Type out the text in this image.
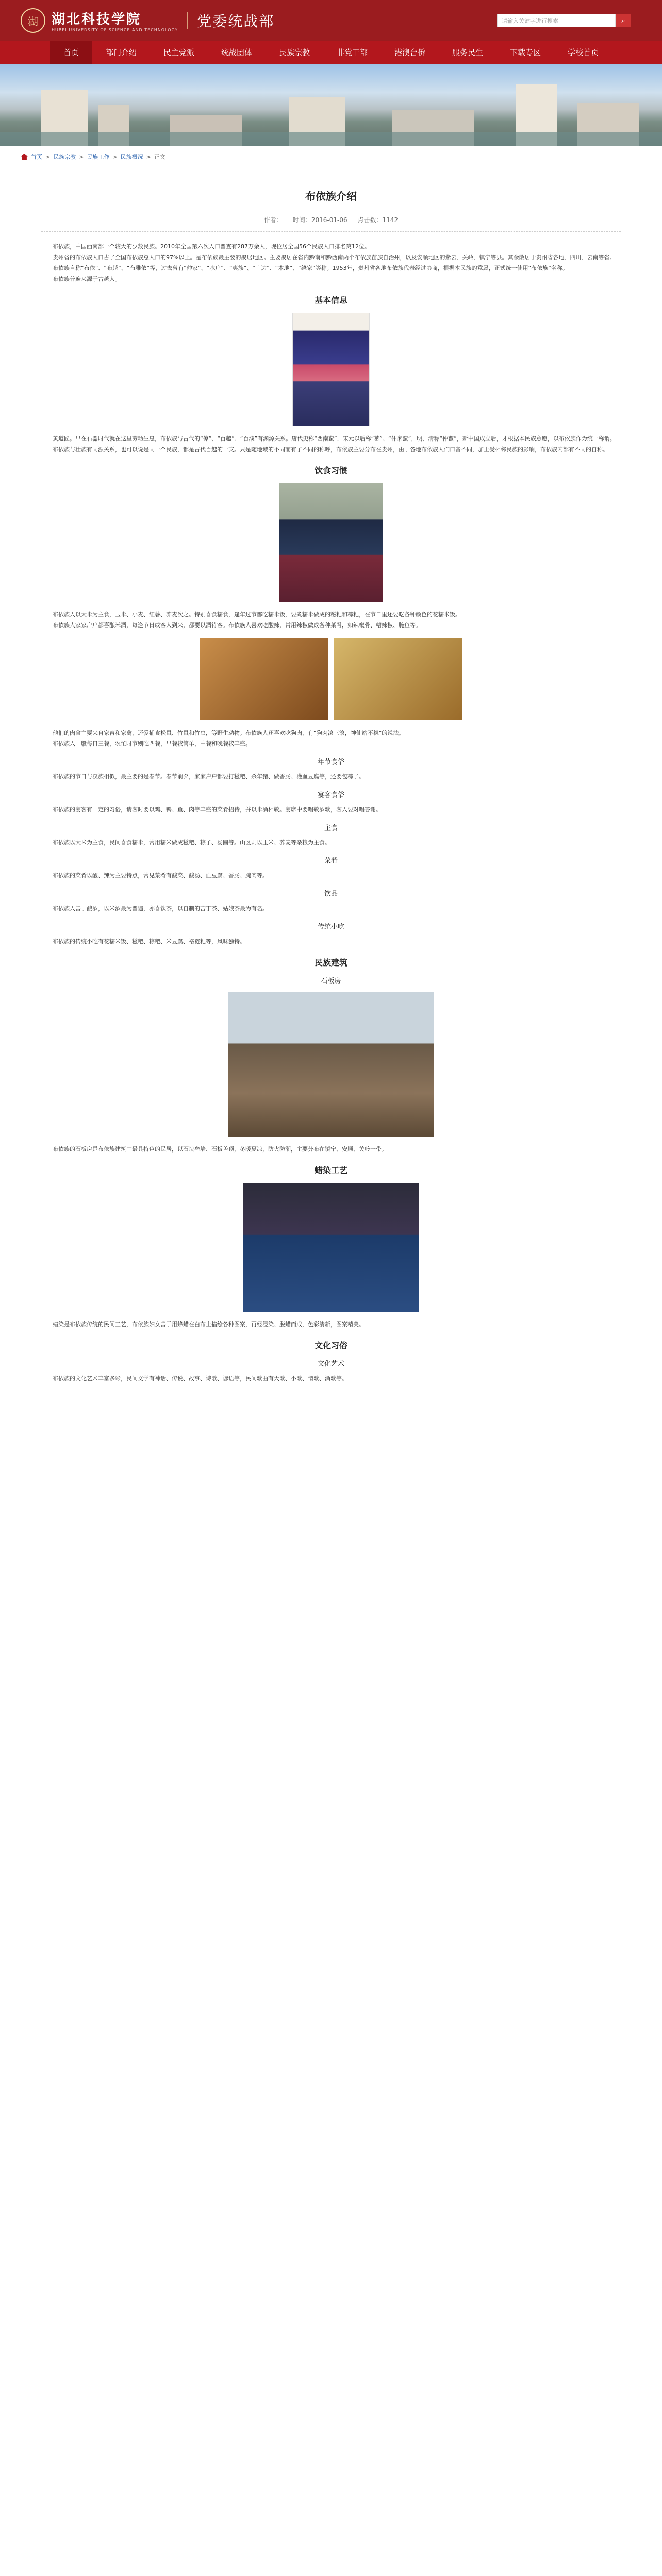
湖	湖北科技学院
HUBEI UNIVERSITY OF SCIENCE AND TECHNOLOGY
党委统战部	请输入关键字进行搜索	⌕
首页	部门介绍	民主党派	统战团体	民族宗教	非党干部	港澳台侨	服务民生	下载专区	学校首页
首页 > 民族宗教 > 民族工作 > 民族概况 > 正文
布依族介绍
作者： 时间：2016-01-06 点击数：1142

布依族，中国西南部一个较大的少数民族。2010年全国第六次人口普查有287万余人，现位居全国56个民族人口排名第12位。

贵州省的布依族人口占了全国布依族总人口的97%以上。是布依族最主要的聚居地区。主要聚居在省内黔南和黔西南两个布依族苗族自治州，以及安顺地区的紫云、关岭、镇宁等县。其余散居于贵州省各地、四川、云南等省。

布依族自称“布依”、“布越”、“布雅依”等，过去曾有“仲家”、“水户”、“夷族”、“土边”、“本地”、“绕家”等称。1953年，贵州省各地布依族代表经过协商，根据本民族的意愿，正式统一使用“布依族”名称。

布依族普遍来源于古越人。

基本信息

黄道匠。早在石器时代就在这里劳动生息，布依族与古代的“僚”、“百越”、“百濮”有渊源关系。唐代史称“西南蛮”，宋元以后称“蕃”、“仲家蛮”，明、清称“仲蛮”，新中国成立后，才根据本民族意愿，以布依族作为统一称谓。

布依族与壮族有同源关系，也可以说是同一个民族，都是古代百越的一支。只是随地域的不同而有了不同的称呼，布依族主要分布在贵州，由于各地布依族人们口音不同，加上受相邻民族的影响，布依族内部有不同的自称。

饮食习惯

布依族人以大米为主食，玉米、小麦、红薯、荞麦次之。特别喜食糯食，逢年过节都吃糯米饭，要煮糯米做成的糍粑和粽粑，在节日里还要吃各种颜色的花糯米饭。

布依族人家家户户都喜酿米酒，每逢节日或客人到来，都要以酒待客。布依族人喜欢吃酸辣，常用辣椒做成各种菜肴，如辣椒骨、糟辣椒、腌鱼等。

他们的肉食主要来自家畜和家禽，还爱捕食松鼠、竹鼠和竹虫，等野生动物。布依族人还喜欢吃狗肉，有“狗肉滚三滚，神仙站不稳”的说法。

布依族人一般每日三餐，农忙时节则吃四餐，早餐较简单，中餐和晚餐较丰盛。

年节食俗

布依族的节日与汉族相似，最主要的是春节。春节前夕，家家户户都要打糍粑、杀年猪、做香肠、灌血豆腐等，还要包粽子。

宴客食俗

布依族的宴客有一定的习俗，请客时要以鸡、鸭、鱼、肉等丰盛的菜肴招待，并以米酒相敬。宴席中要唱敬酒歌，客人要对唱答谢。

主食

布依族以大米为主食，民间喜食糯米，常用糯米做成糍粑、粽子、汤圆等。山区则以玉米、荞麦等杂粮为主食。

菜肴

布依族的菜肴以酸、辣为主要特点，常见菜肴有酸菜、酸汤、血豆腐、香肠、腌肉等。

饮品

布依族人善于酿酒，以米酒最为普遍，亦喜饮茶，以自制的苦丁茶、姑娘茶最为有名。

传统小吃

布依族的传统小吃有花糯米饭、糍粑、粽粑、米豆腐、褡裢粑等，风味独特。

民族建筑
石板房

布依族的石板房是布依族建筑中最具特色的民居，以石块垒墙、石板盖顶，冬暖夏凉，防火防潮，主要分布在镇宁、安顺、关岭一带。

蜡染工艺

蜡染是布依族传统的民间工艺，布依族妇女善于用蜂蜡在白布上描绘各种图案，再经浸染、脱蜡而成，色彩清新，图案精美。

文化习俗
文化艺术

布依族的文化艺术丰富多彩，民间文学有神话、传说、故事、诗歌、谚语等，民间歌曲有大歌、小歌、情歌、酒歌等。
